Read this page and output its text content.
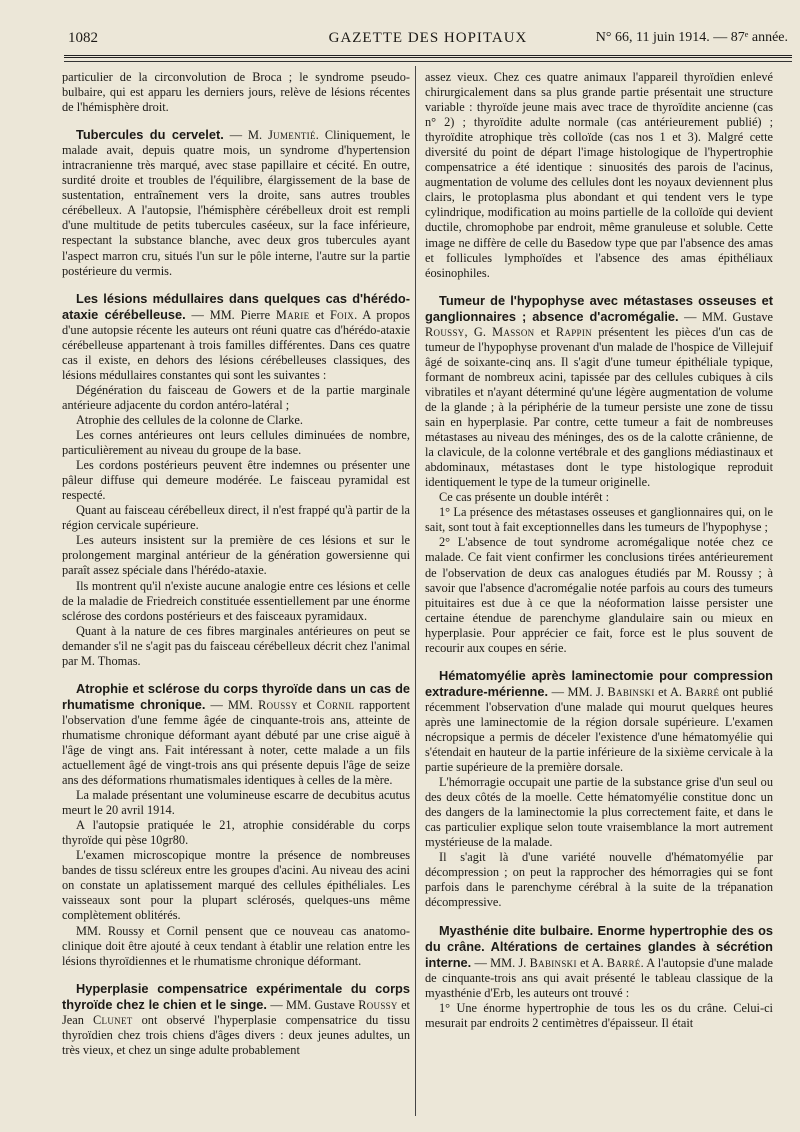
1082	GAZETTE DES HOPITAUX	N° 66, 11 juin 1914. — 87ᵉ année.

particulier de la circonvolution de Broca ; le syndrome pseudo-bulbaire, qui est apparu les derniers jours, relève de lésions récentes de l'hémisphère droit.

Tubercules du cervelet. — M. Jumentié. Cliniquement, le malade avait, depuis quatre mois, un syndrome d'hypertension intracranienne très marqué, avec stase papillaire et cécité. En outre, surdité droite et troubles de l'équilibre, élargissement de la base de sustentation, entraînement vers la droite, sans autres troubles cérébelleux. A l'autopsie, l'hémisphère cérébelleux droit est rempli d'une multitude de petits tubercules caséeux, sur la face inférieure, respectant la substance blanche, avec deux gros tubercules ayant l'aspect marron cru, situés l'un sur le pôle interne, l'autre sur la partie postérieure du vermis.

Les lésions médullaires dans quelques cas d'hérédo-ataxie cérébelleuse. — MM. Pierre Marie et Foix. A propos d'une autopsie récente les auteurs ont réuni quatre cas d'hérédo-ataxie cérébelleuse appartenant à trois familles différentes. Dans ces quatre cas il existe, en dehors des lésions cérébelleuses classiques, des lésions médullaires constantes qui sont les suivantes :

Dégénération du faisceau de Gowers et de la partie marginale antérieure adjacente du cordon antéro-latéral ;

Atrophie des cellules de la colonne de Clarke.

Les cornes antérieures ont leurs cellules diminuées de nombre, particulièrement au niveau du groupe de la base.

Les cordons postérieurs peuvent être indemnes ou présenter une pâleur diffuse qui demeure modérée. Le faisceau pyramidal est respecté.

Quant au faisceau cérébelleux direct, il n'est frappé qu'à partir de la région cervicale supérieure.

Les auteurs insistent sur la première de ces lésions et sur le prolongement marginal antérieur de la génération gowersienne qui paraît assez spéciale dans l'hérédo-ataxie.

Ils montrent qu'il n'existe aucune analogie entre ces lésions et celle de la maladie de Friedreich constituée essentiellement par une énorme sclérose des cordons postérieurs et des faisceaux pyramidaux.

Quant à la nature de ces fibres marginales antérieures on peut se demander s'il ne s'agit pas du faisceau cérébelleux décrit chez l'animal par M. Thomas.

Atrophie et sclérose du corps thyroïde dans un cas de rhumatisme chronique. — MM. Roussy et Cornil rapportent l'observation d'une femme âgée de cinquante-trois ans, atteinte de rhumatisme chronique déformant ayant débuté par une crise aiguë à l'âge de vingt ans. Fait intéressant à noter, cette malade a un fils actuellement âgé de vingt-trois ans qui présente depuis l'âge de seize ans des déformations rhumatismales identiques à celles de la mère.

La malade présentant une volumineuse escarre de decubitus acutus meurt le 20 avril 1914.

A l'autopsie pratiquée le 21, atrophie considérable du corps thyroïde qui pèse 10gr80.

L'examen microscopique montre la présence de nombreuses bandes de tissu scléreux entre les groupes d'acini. Au niveau des acini on constate un aplatissement marqué des cellules épithéliales. Les vaisseaux sont pour la plupart sclérosés, quelques-uns même complètement oblitérés.

MM. Roussy et Cornil pensent que ce nouveau cas anatomo-clinique doit être ajouté à ceux tendant à établir une relation entre les lésions thyroïdiennes et le rhumatisme chronique déformant.

Hyperplasie compensatrice expérimentale du corps thyroïde chez le chien et le singe. — MM. Gustave Roussy et Jean Clunet ont observé l'hyperplasie compensatrice du tissu thyroïdien chez trois chiens d'âges divers : deux jeunes adultes, un très vieux, et chez un singe adulte probablement

assez vieux. Chez ces quatre animaux l'appareil thyroïdien enlevé chirurgicalement dans sa plus grande partie présentait une structure variable : thyroïde jeune mais avec trace de thyroïdite ancienne (cas n° 2) ; thyroïdite adulte normale (cas antérieurement publié) ; thyroïdite atrophique très colloïde (cas nos 1 et 3). Malgré cette diversité du point de départ l'image histologique de l'hypertrophie compensatrice a été identique : sinuosités des parois de l'acinus, augmentation de volume des cellules dont les noyaux deviennent plus clairs, le protoplasma plus abondant et qui tendent vers le type cylindrique, modification au moins partielle de la colloïde qui devient ductile, chromophobe par endroit, même granuleuse et soluble. Cette image ne diffère de celle du Basedow type que par l'absence des amas et follicules lymphoïdes et l'absence des amas épithéliaux éosinophiles.

Tumeur de l'hypophyse avec métastases osseuses et ganglionnaires ; absence d'acromégalie. — MM. Gustave Roussy, G. Masson et Rappin présentent les pièces d'un cas de tumeur de l'hypophyse provenant d'un malade de l'hospice de Villejuif âgé de soixante-cinq ans. Il s'agit d'une tumeur épithéliale typique, formant de nombreux acini, tapissée par des cellules cubiques à cils vibratiles et n'ayant déterminé qu'une légère augmentation de volume de la glande ; à la périphérie de la tumeur persiste une zone de tissu sain en hyperplasie. Par contre, cette tumeur a fait de nombreuses métastases au niveau des méninges, des os de la calotte crânienne, de la clavicule, de la colonne vertébrale et des ganglions médiastinaux et abdominaux, métastases dont le type histologique reproduit identiquement le type de la tumeur originelle.

Ce cas présente un double intérêt :

1° La présence des métastases osseuses et ganglionnaires qui, on le sait, sont tout à fait exceptionnelles dans les tumeurs de l'hypophyse ;

2° L'absence de tout syndrome acromégalique notée chez ce malade. Ce fait vient confirmer les conclusions tirées antérieurement de l'observation de deux cas analogues étudiés par M. Roussy ; à savoir que l'absence d'acromégalie notée parfois au cours des tumeurs pituitaires est due à ce que la néoformation laisse persister une certaine étendue de parenchyme glandulaire sain ou mieux en hyperplasie. Pour apprécier ce fait, force est le plus souvent de recourir aux coupes en série.

Hématomyélie après laminectomie pour compression extradure-mérienne. — MM. J. Babinski et A. Barré ont publié récemment l'observation d'une malade qui mourut quelques heures après une laminectomie de la région dorsale supérieure. L'examen nécropsique a permis de déceler l'existence d'une hématomyélie qui s'étendait en hauteur de la partie inférieure de la sixième cervicale à la partie supérieure de la première dorsale.

L'hémorragie occupait une partie de la substance grise d'un seul ou des deux côtés de la moelle. Cette hématomyélie constitue donc un des dangers de la laminectomie la plus correctement faite, et dans le cas particulier explique selon toute vraisemblance la mort autrement mystérieuse de la malade.

Il s'agit là d'une variété nouvelle d'hématomyélie par décompression ; on peut la rapprocher des hémorragies qui se font parfois dans le parenchyme cérébral à la suite de la trépanation décompressive.

Myasthénie dite bulbaire. Enorme hypertrophie des os du crâne. Altérations de certaines glandes à sécrétion interne. — MM. J. Babinski et A. Barré. A l'autopsie d'une malade de cinquante-trois ans qui avait présenté le tableau classique de la myasthénie d'Erb, les auteurs ont trouvé :

1° Une énorme hypertrophie de tous les os du crâne. Celui-ci mesurait par endroits 2 centimètres d'épaisseur. Il était
